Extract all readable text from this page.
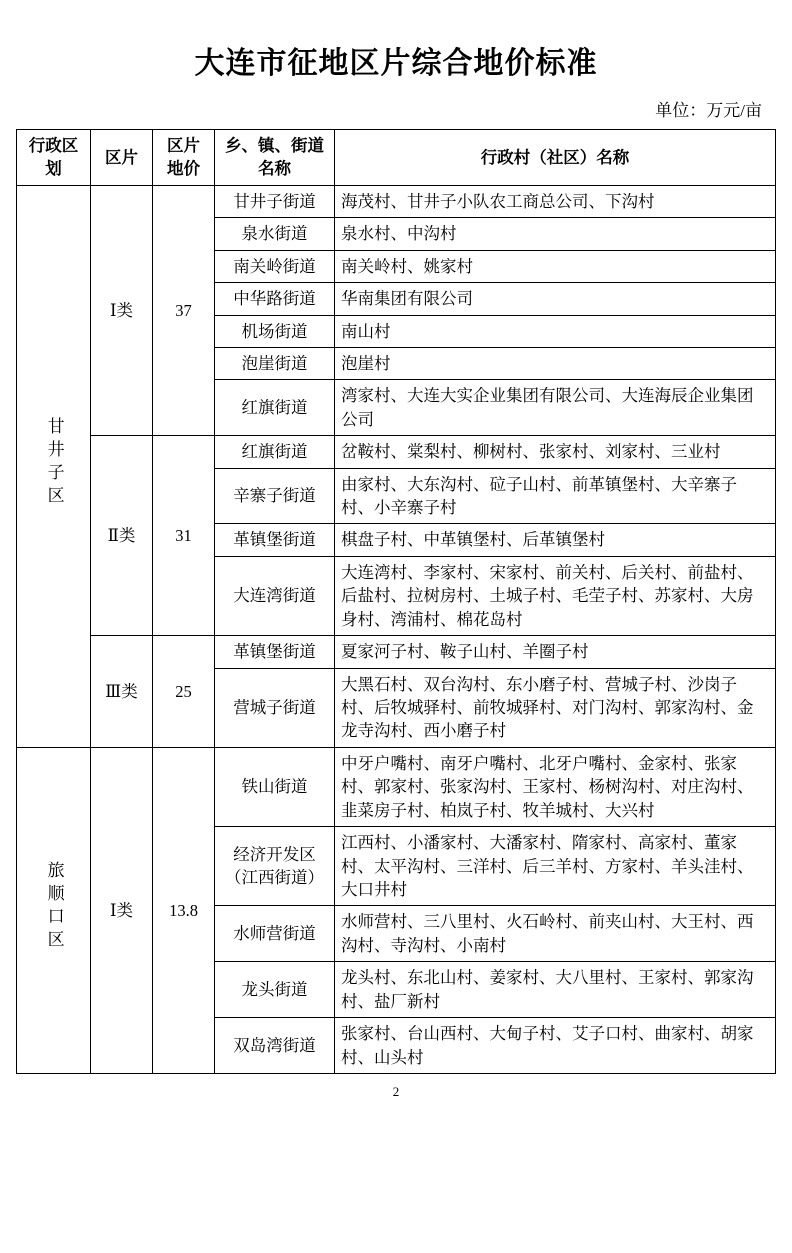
大连市征地区片综合地价标准
单位：万元/亩
行政区划	区片	区片地价	乡、镇、街道名称	行政村（社区）名称
甘井子区	Ⅰ类	37	甘井子街道	海茂村、甘井子小队农工商总公司、下沟村
			泉水街道	泉水村、中沟村
			南关岭街道	南关岭村、姚家村
			中华路街道	华南集团有限公司
			机场街道	南山村
			泡崖街道	泡崖村
			红旗街道	湾家村、大连大实企业集团有限公司、大连海辰企业集团公司
	Ⅱ类	31	红旗街道	岔鞍村、棠梨村、柳树村、张家村、刘家村、三业村
			辛寨子街道	由家村、大东沟村、砬子山村、前革镇堡村、大辛寨子村、小辛寨子村
			革镇堡街道	棋盘子村、中革镇堡村、后革镇堡村
			大连湾街道	大连湾村、李家村、宋家村、前关村、后关村、前盐村、后盐村、拉树房村、土城子村、毛茔子村、苏家村、大房身村、湾浦村、棉花岛村
	Ⅲ类	25	革镇堡街道	夏家河子村、鞍子山村、羊圈子村
			营城子街道	大黑石村、双台沟村、东小磨子村、营城子村、沙岗子村、后牧城驿村、前牧城驿村、对门沟村、郭家沟村、金龙寺沟村、西小磨子村
旅顺口区	Ⅰ类	13.8	铁山街道	中牙户嘴村、南牙户嘴村、北牙户嘴村、金家村、张家村、郭家村、张家沟村、王家村、杨树沟村、对庄沟村、韭菜房子村、柏岚子村、牧羊城村、大兴村
			经济开发区（江西街道）	江西村、小潘家村、大潘家村、隋家村、高家村、董家村、太平沟村、三洋村、后三羊村、方家村、羊头洼村、大口井村
			水师营街道	水师营村、三八里村、火石岭村、前夹山村、大王村、西沟村、寺沟村、小南村
			龙头街道	龙头村、东北山村、姜家村、大八里村、王家村、郭家沟村、盐厂新村
			双岛湾街道	张家村、台山西村、大甸子村、艾子口村、曲家村、胡家村、山头村
2
